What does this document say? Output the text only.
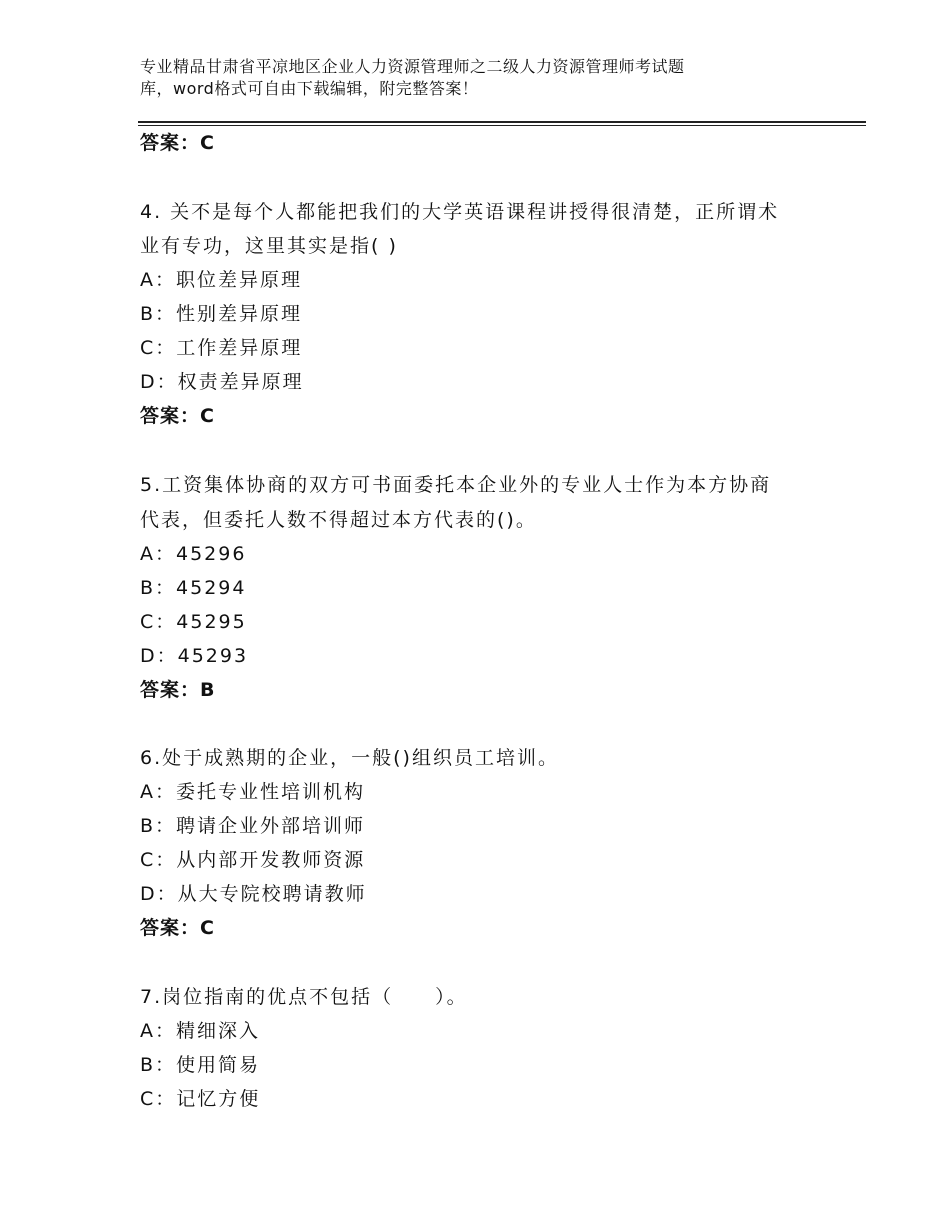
专业精品甘肃省平凉地区企业人力资源管理师之二级人力资源管理师考试题
库，word格式可自由下载编辑，附完整答案！
答案：C
4. 关不是每个人都能把我们的大学英语课程讲授得很清楚，正所谓术
业有专功，这里其实是指( )
A：职位差异原理
B：性别差异原理
C：工作差异原理
D：权责差异原理
答案：C
5.工资集体协商的双方可书面委托本企业外的专业人士作为本方协商
代表，但委托人数不得超过本方代表的()。
A：45296
B：45294
C：45295
D：45293
答案：B
6.处于成熟期的企业，一般()组织员工培训。
A：委托专业性培训机构
B：聘请企业外部培训师
C：从内部开发教师资源
D：从大专院校聘请教师
答案：C
7.岗位指南的优点不包括（　　）。
A：精细深入
B：使用简易
C：记忆方便
